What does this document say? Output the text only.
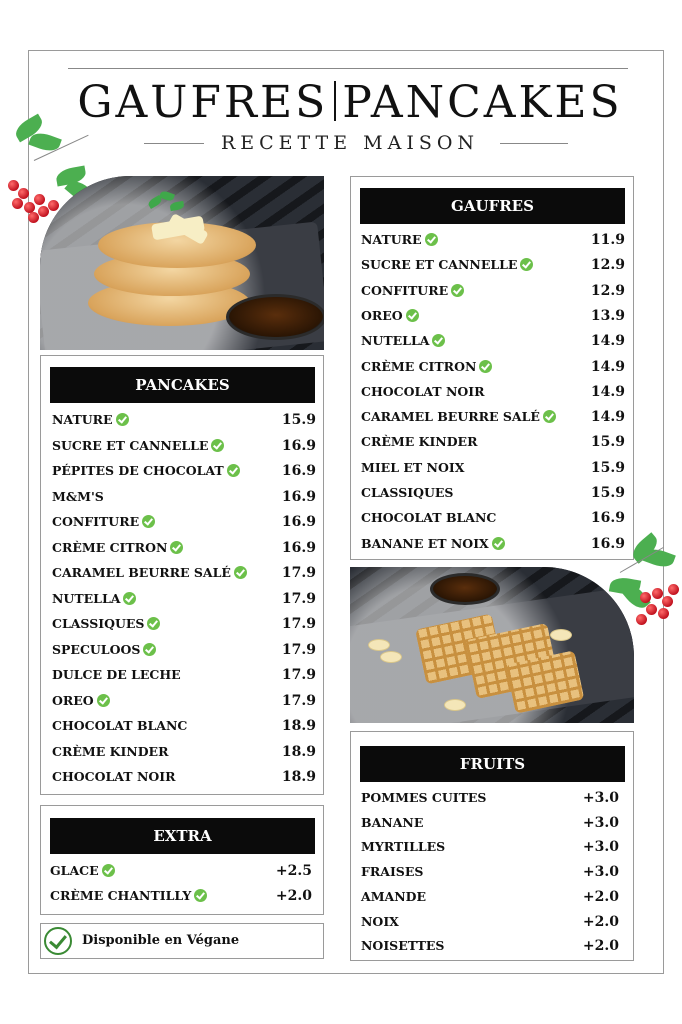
GAUFRES PANCAKES
RECETTE MAISON
PANCAKES
NATURE	15.9
SUCRE ET CANNELLE	16.9
PÉPITES DE CHOCOLAT	16.9
M&M'S	16.9
CONFITURE	16.9
CRÈME CITRON	16.9
CARAMEL BEURRE SALÉ	17.9
NUTELLA	17.9
CLASSIQUES	17.9
SPECULOOS	17.9
DULCE DE LECHE	17.9
OREO	17.9
CHOCOLAT BLANC	18.9
CRÈME KINDER	18.9
CHOCOLAT NOIR	18.9
EXTRA
GLACE	+2.5
CRÈME CHANTILLY	+2.0
Disponible en Végane
GAUFRES
NATURE	11.9
SUCRE ET CANNELLE	12.9
CONFITURE	12.9
OREO	13.9
NUTELLA	14.9
CRÈME CITRON	14.9
CHOCOLAT NOIR	14.9
CARAMEL BEURRE SALÉ	14.9
CRÈME KINDER	15.9
MIEL ET NOIX	15.9
CLASSIQUES	15.9
CHOCOLAT BLANC	16.9
BANANE ET NOIX	16.9
FRUITS
POMMES CUITES	+3.0
BANANE	+3.0
MYRTILLES	+3.0
FRAISES	+3.0
AMANDE	+2.0
NOIX	+2.0
NOISETTES	+2.0
